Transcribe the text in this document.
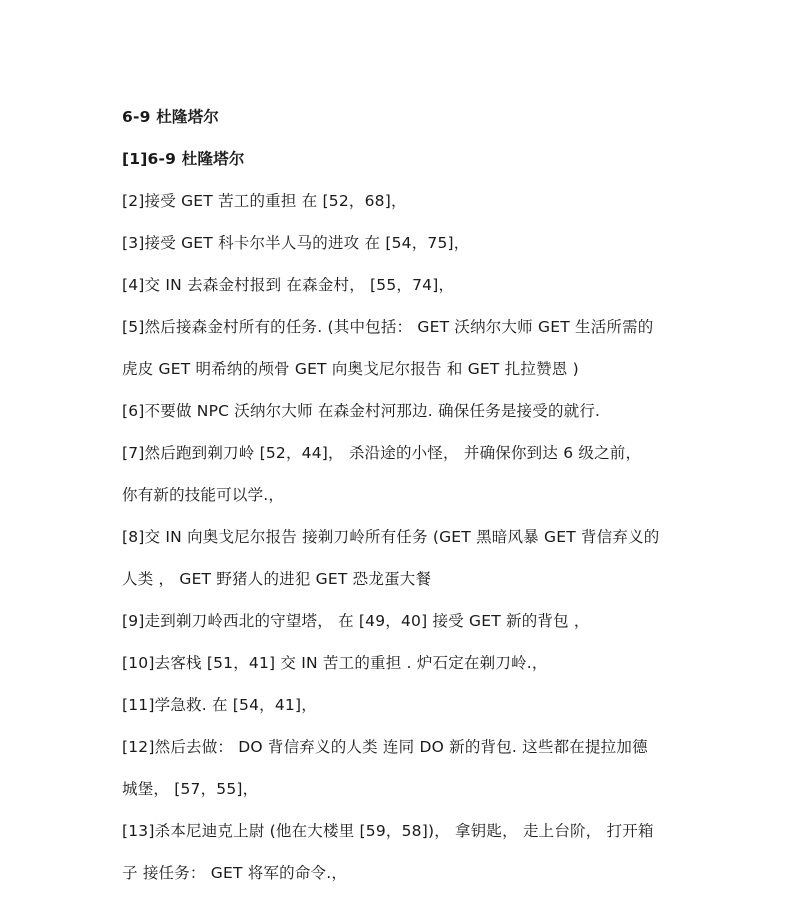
6-9 杜隆塔尔
[1]6-9 杜隆塔尔
[2]接受 GET 苦工的重担 在 [52，68]，
[3]接受 GET 科卡尔半人马的进攻 在 [54，75]，
[4]交 IN 去森金村报到 在森金村， [55，74]，
[5]然后接森金村所有的任务. (其中包括： GET 沃纳尔大师 GET 生活所需的
虎皮 GET 明希纳的颅骨 GET 向奥戈尼尔报告 和 GET 扎拉赞恩 )
[6]不要做 NPC 沃纳尔大师 在森金村河那边. 确保任务是接受的就行.
[7]然后跑到剃刀岭 [52，44]， 杀沿途的小怪， 并确保你到达 6 级之前，
你有新的技能可以学.，
[8]交 IN 向奥戈尼尔报告 接剃刀岭所有任务 (GET 黑暗风暴 GET 背信弃义的
人类 ， GET 野猪人的进犯 GET 恐龙蛋大餐
[9]走到剃刀岭西北的守望塔， 在 [49，40] 接受 GET 新的背包 ，
[10]去客栈 [51，41] 交 IN 苦工的重担 . 炉石定在剃刀岭.，
[11]学急救. 在 [54，41]，
[12]然后去做： DO 背信弃义的人类 连同 DO 新的背包. 这些都在提拉加德
城堡， [57，55]，
[13]杀本尼迪克上尉 (他在大楼里 [59，58])， 拿钥匙， 走上台阶， 打开箱
子 接任务： GET 将军的命令.，
